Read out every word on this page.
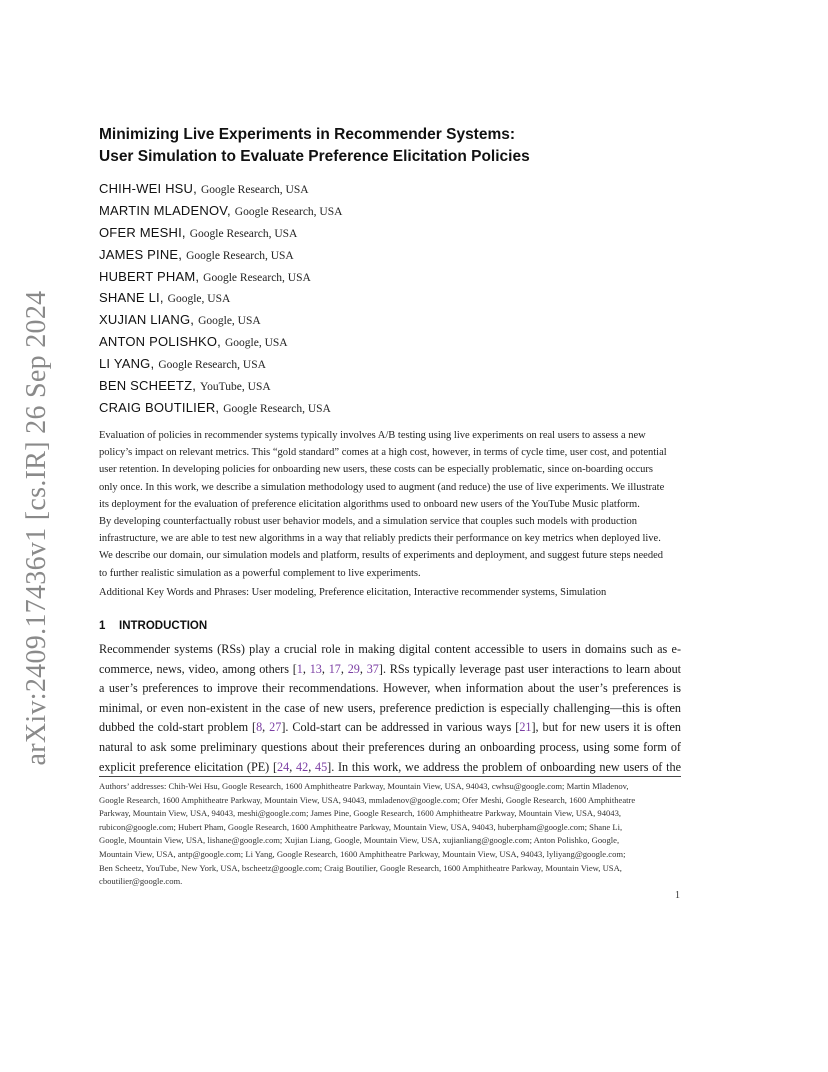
arXiv:2409.17436v1 [cs.IR] 26 Sep 2024
Minimizing Live Experiments in Recommender Systems:
User Simulation to Evaluate Preference Elicitation Policies
CHIH-WEI HSU, Google Research, USA
MARTIN MLADENOV, Google Research, USA
OFER MESHI, Google Research, USA
JAMES PINE, Google Research, USA
HUBERT PHAM, Google Research, USA
SHANE LI, Google, USA
XUJIAN LIANG, Google, USA
ANTON POLISHKO, Google, USA
LI YANG, Google Research, USA
BEN SCHEETZ, YouTube, USA
CRAIG BOUTILIER, Google Research, USA
Evaluation of policies in recommender systems typically involves A/B testing using live experiments on real users to assess a new
policy’s impact on relevant metrics. This “gold standard” comes at a high cost, however, in terms of cycle time, user cost, and potential
user retention. In developing policies for onboarding new users, these costs can be especially problematic, since on-boarding occurs
only once. In this work, we describe a simulation methodology used to augment (and reduce) the use of live experiments. We illustrate
its deployment for the evaluation of preference elicitation algorithms used to onboard new users of the YouTube Music platform.
By developing counterfactually robust user behavior models, and a simulation service that couples such models with production
infrastructure, we are able to test new algorithms in a way that reliably predicts their performance on key metrics when deployed live.
We describe our domain, our simulation models and platform, results of experiments and deployment, and suggest future steps needed
to further realistic simulation as a powerful complement to live experiments.
Additional Key Words and Phrases: User modeling, Preference elicitation, Interactive recommender systems, Simulation
1 INTRODUCTION
Recommender systems (RSs) play a crucial role in making digital content accessible to users in domains such as e-
commerce, news, video, among others [1, 13, 17, 29, 37]. RSs typically leverage past user interactions to learn about
a user’s preferences to improve their recommendations. However, when information about the user’s preferences is
minimal, or even non-existent in the case of new users, preference prediction is especially challenging—this is often
dubbed the cold-start problem [8, 27]. Cold-start can be addressed in various ways [21], but for new users it is often
natural to ask some preliminary questions about their preferences during an onboarding process, using some form of
explicit preference elicitation (PE) [24, 42, 45]. In this work, we address the problem of onboarding new users of the
Authors’ addresses: Chih-Wei Hsu, Google Research, 1600 Amphitheatre Parkway, Mountain View, USA, 94043, cwhsu@google.com; Martin Mladenov,
Google Research, 1600 Amphitheatre Parkway, Mountain View, USA, 94043, mmladenov@google.com; Ofer Meshi, Google Research, 1600 Amphitheatre
Parkway, Mountain View, USA, 94043, meshi@google.com; James Pine, Google Research, 1600 Amphitheatre Parkway, Mountain View, USA, 94043,
rubicon@google.com; Hubert Pham, Google Research, 1600 Amphitheatre Parkway, Mountain View, USA, 94043, huberpham@google.com; Shane Li,
Google, Mountain View, USA, lishane@google.com; Xujian Liang, Google, Mountain View, USA, xujianliang@google.com; Anton Polishko, Google,
Mountain View, USA, antp@google.com; Li Yang, Google Research, 1600 Amphitheatre Parkway, Mountain View, USA, 94043, lyliyang@google.com;
Ben Scheetz, YouTube, New York, USA, bscheetz@google.com; Craig Boutilier, Google Research, 1600 Amphitheatre Parkway, Mountain View, USA,
cboutilier@google.com.
1
